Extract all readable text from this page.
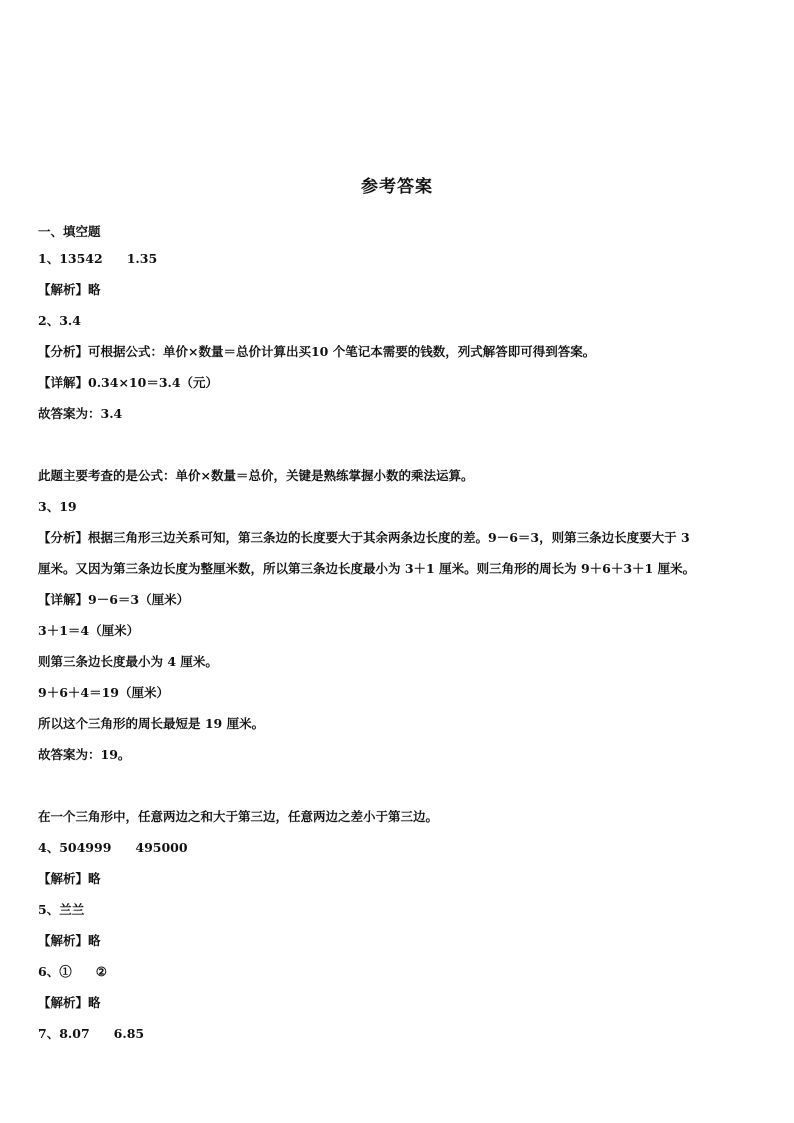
参考答案
一、填空题
1、13542 1.35
【解析】略
2、3.4
【分析】可根据公式：单价×数量＝总价计算出买10 个笔记本需要的钱数，列式解答即可得到答案。
【详解】0.34×10＝3.4（元）
故答案为：3.4
此题主要考查的是公式：单价×数量＝总价，关键是熟练掌握小数的乘法运算。
3、19
【分析】根据三角形三边关系可知，第三条边的长度要大于其余两条边长度的差。9－6＝3，则第三条边长度要大于 3
厘米。又因为第三条边长度为整厘米数，所以第三条边长度最小为 3＋1 厘米。则三角形的周长为 9＋6＋3＋1 厘米。
【详解】9－6＝3（厘米）
3＋1＝4（厘米）
则第三条边长度最小为 4 厘米。
9＋6＋4＝19（厘米）
所以这个三角形的周长最短是 19 厘米。
故答案为：19。
在一个三角形中，任意两边之和大于第三边，任意两边之差小于第三边。
4、504999 495000
【解析】略
5、兰兰
【解析】略
6、① ②
【解析】略
7、8.07 6.85
